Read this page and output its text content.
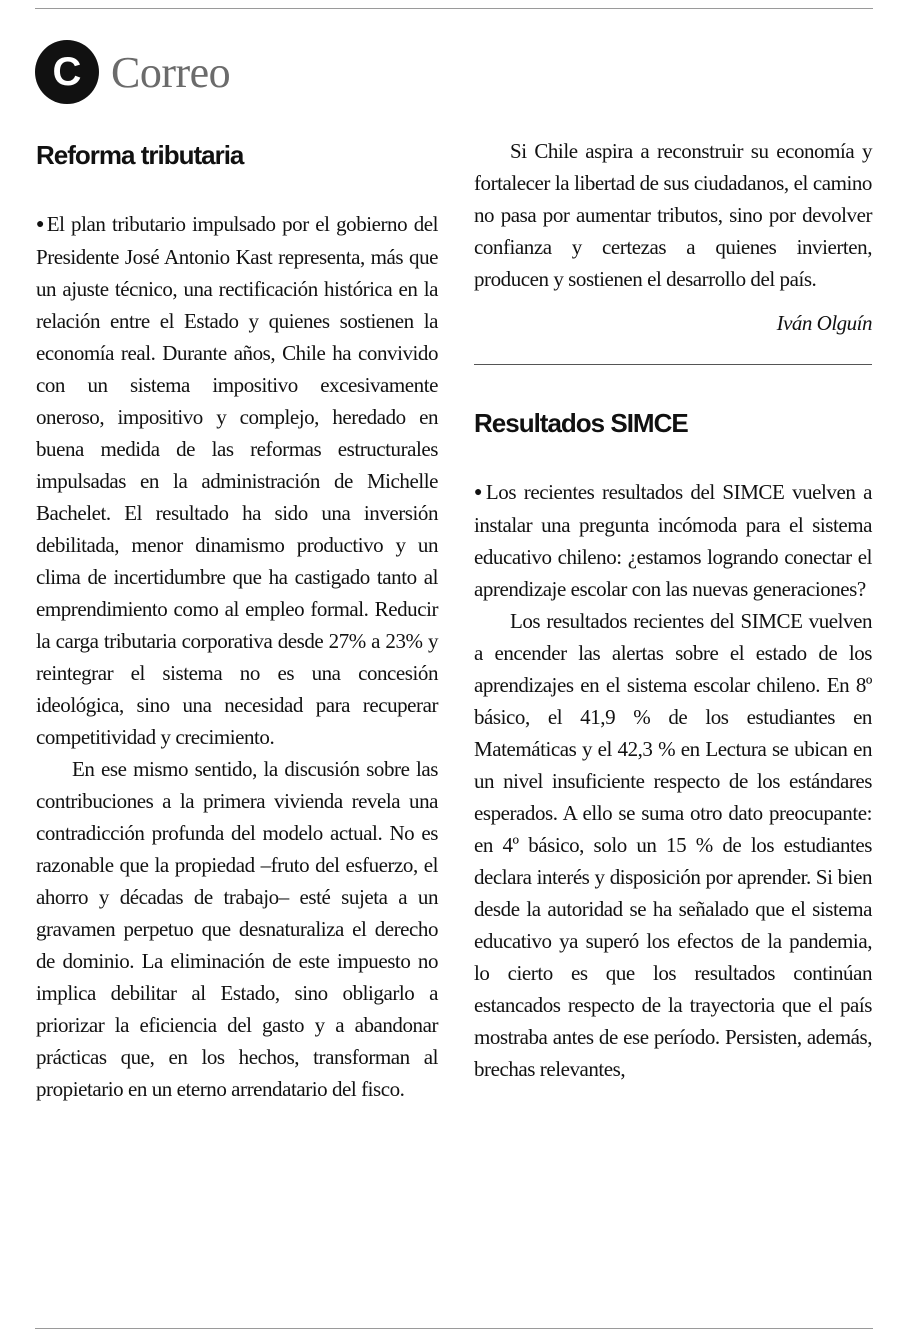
C Correo
Reforma tributaria

●El plan tributario impulsado por el gobierno del Presidente José Antonio Kast representa, más que un ajuste técnico, una rectificación histórica en la relación entre el Estado y quienes sostienen la economía real. Durante años, Chile ha convivido con un sistema impositivo excesivamente oneroso, impositivo y complejo, heredado en buena medida de las reformas estructurales impulsadas en la administración de Michelle Bachelet. El resultado ha sido una inversión debilitada, menor dinamismo productivo y un clima de incertidumbre que ha castigado tanto al emprendimiento como al empleo formal. Reducir la carga tributaria corporativa desde 27% a 23% y reintegrar el sistema no es una concesión ideológica, sino una necesidad para recuperar competitividad y crecimiento.

En ese mismo sentido, la discusión sobre las contribuciones a la primera vivienda revela una contradicción profunda del modelo actual. No es razonable que la propiedad –fruto del esfuerzo, el ahorro y décadas de trabajo– esté sujeta a un gravamen perpetuo que desnaturaliza el derecho de dominio. La eliminación de este impuesto no implica debilitar al Estado, sino obligarlo a priorizar la eficiencia del gasto y a abandonar prácticas que, en los hechos, transforman al propietario en un eterno arrendatario del fisco.

Si Chile aspira a reconstruir su economía y fortalecer la libertad de sus ciudadanos, el camino no pasa por aumentar tributos, sino por devolver confianza y certezas a quienes invierten, producen y sostienen el desarrollo del país.

Iván Olguín

Resultados SIMCE

●Los recientes resultados del SIMCE vuelven a instalar una pregunta incómoda para el sistema educativo chileno: ¿estamos logrando conectar el aprendizaje escolar con las nuevas generaciones?

Los resultados recientes del SIMCE vuelven a encender las alertas sobre el estado de los aprendizajes en el sistema escolar chileno. En 8º básico, el 41,9 % de los estudiantes en Matemáticas y el 42,3 % en Lectura se ubican en un nivel insuficiente respecto de los estándares esperados. A ello se suma otro dato preocupante: en 4º básico, solo un 15 % de los estudiantes declara interés y disposición por aprender. Si bien desde la autoridad se ha señalado que el sistema educativo ya superó los efectos de la pandemia, lo cierto es que los resultados continúan estancados respecto de la trayectoria que el país mostraba antes de ese período. Persisten, además, brechas relevantes,
